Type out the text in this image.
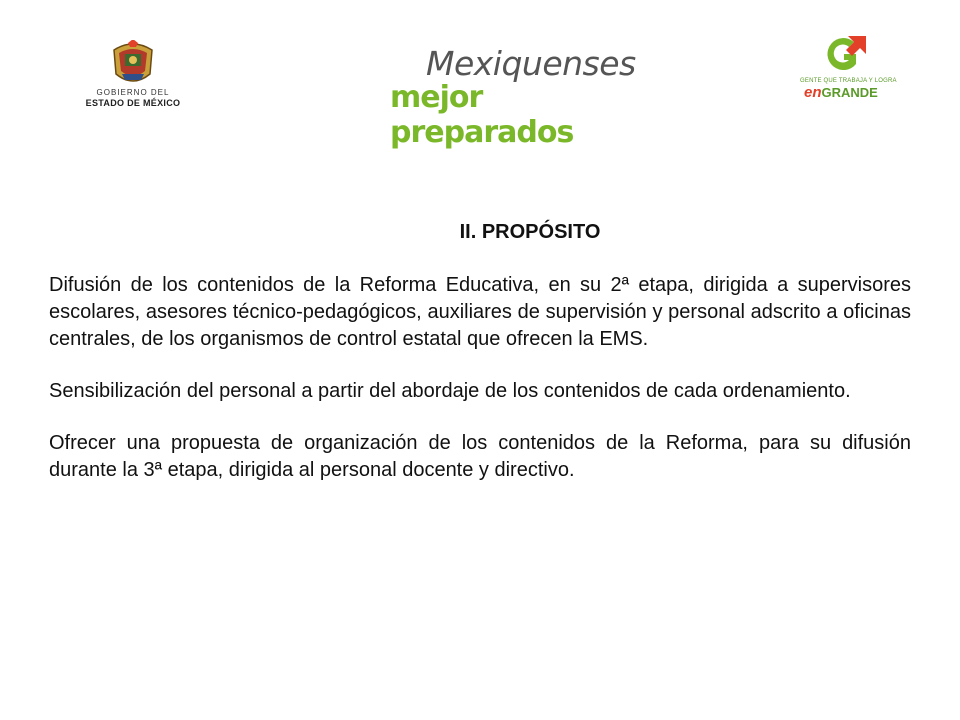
GOBIERNO DEL
ESTADO DE MÉXICO
Mexiquenses
mejor preparados
GENTE QUE TRABAJA Y LOGRA
enGRANDE
II. PROPÓSITO

Difusión de los contenidos de la Reforma Educativa, en su 2ª etapa, dirigida a supervisores escolares, asesores técnico-pedagógicos, auxiliares de supervisión y personal adscrito a oficinas centrales, de los organismos de control estatal que ofrecen la EMS.

Sensibilización del personal a partir del abordaje de los contenidos de cada ordenamiento.

Ofrecer una propuesta de organización de los contenidos de la Reforma, para su difusión durante la 3ª etapa, dirigida al personal docente y directivo.
